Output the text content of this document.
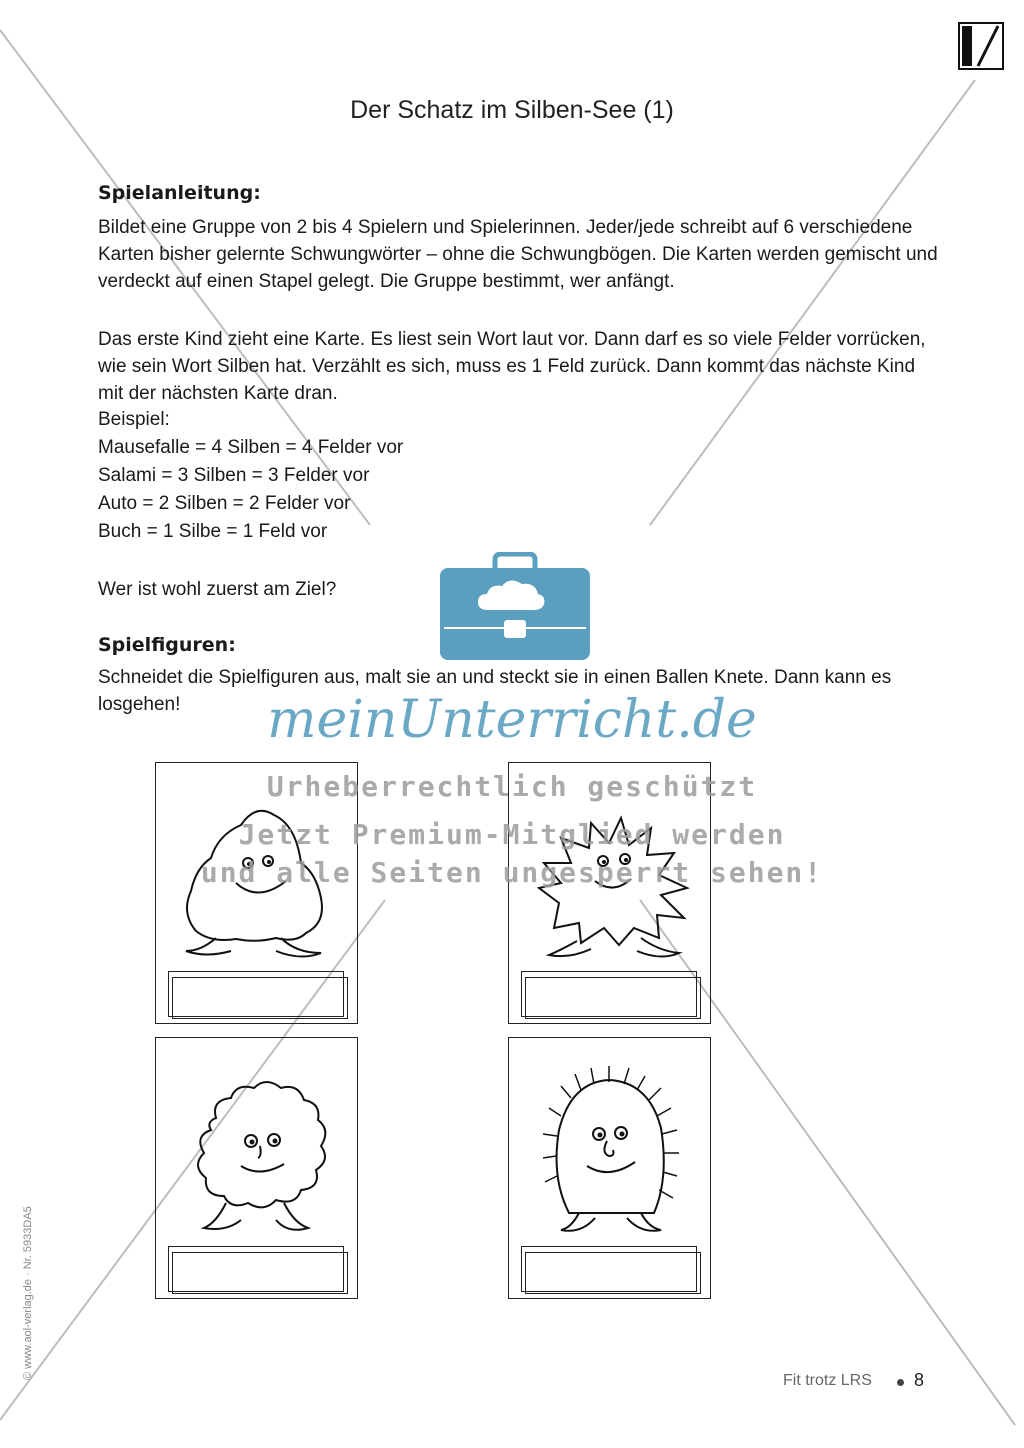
Der Schatz im Silben-See (1)
Spielanleitung:
Bildet eine Gruppe von 2 bis 4 Spielern und Spielerinnen. Jeder/jede schreibt auf 6 verschiedene Karten bisher gelernte Schwungwörter – ohne die Schwungbögen. Die Karten werden gemischt und verdeckt auf einen Stapel gelegt. Die Gruppe bestimmt, wer anfängt.
Das erste Kind zieht eine Karte. Es liest sein Wort laut vor. Dann darf es so viele Felder vorrücken, wie sein Wort Silben hat. Verzählt es sich, muss es 1 Feld zurück. Dann kommt das nächste Kind mit der nächsten Karte dran.
Beispiel:
Mausefalle = 4 Silben = 4 Felder vor
Salami = 3 Silben = 3 Felder vor
Auto = 2 Silben = 2 Felder vor
Buch = 1 Silbe = 1 Feld vor
Wer ist wohl zuerst am Ziel?
Spielfiguren:
Schneidet die Spielfiguren aus, malt sie an und steckt sie in einen Ballen Knete. Dann kann es losgehen!	meinUnterricht.de
Urheberrechtlich geschützt
Jetzt Premium-Mitglied werden
und alle Seiten ungesperrt sehen!
© www.aol-verlag.de · Nr. 5933DA5
Fit trotz LRS 8
